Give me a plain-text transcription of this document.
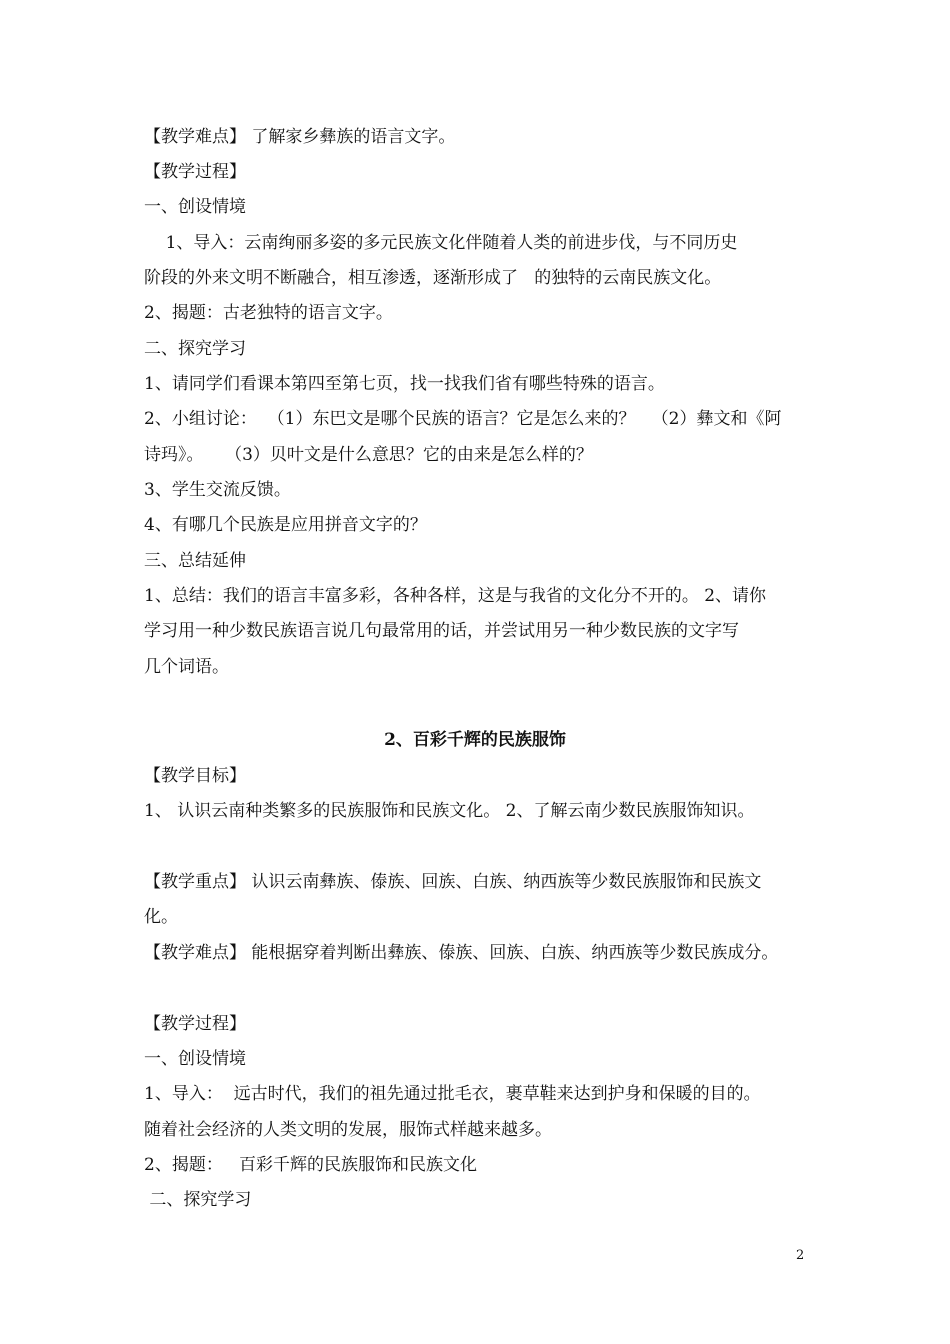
【教学难点】 了解家乡彝族的语言文字。
【教学过程】
一、创设情境
1、导入：云南绚丽多姿的多元民族文化伴随着人类的前进步伐，与不同历史
阶段的外来文明不断融合，相互渗透，逐渐形成了   的独特的云南民族文化。
2、揭题：古老独特的语言文字。
二、探究学习
1、请同学们看课本第四至第七页，找一找我们省有哪些特殊的语言。
2、小组讨论：  （1）东巴文是哪个民族的语言？它是怎么来的？   （2）彝文和《阿
诗玛》。    （3）贝叶文是什么意思？它的由来是怎么样的？
3、学生交流反馈。
4、有哪几个民族是应用拼音文字的？
三、总结延伸
1、总结：我们的语言丰富多彩，各种各样，这是与我省的文化分不开的。 2、请你
学习用一种少数民族语言说几句最常用的话，并尝试用另一种少数民族的文字写
几个词语。
2、百彩千辉的民族服饰
【教学目标】
1、 认识云南种类繁多的民族服饰和民族文化。 2、了解云南少数民族服饰知识。
【教学重点】 认识云南彝族、傣族、回族、白族、纳西族等少数民族服饰和民族文
化。
【教学难点】 能根据穿着判断出彝族、傣族、回族、白族、纳西族等少数民族成分。
【教学过程】
一、创设情境
1、导入：  远古时代，我们的祖先通过批毛衣，裹草鞋来达到护身和保暖的目的。
随着社会经济的人类文明的发展，服饰式样越来越多。
2、揭题：   百彩千辉的民族服饰和民族文化
二、探究学习
2
